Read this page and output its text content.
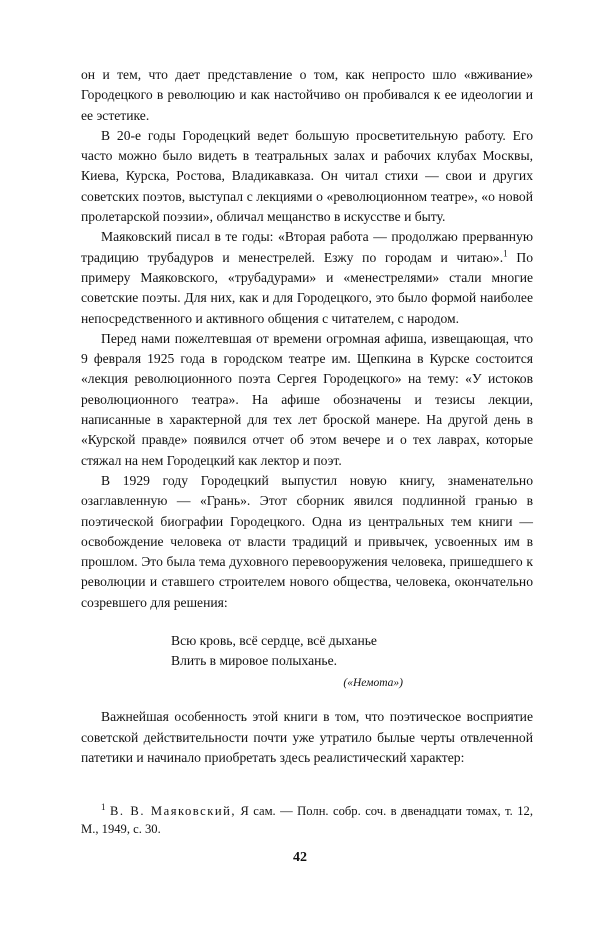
он и тем, что дает представление о том, как непросто шло «вживание» Городецкого в революцию и как настойчиво он пробивался к ее идеологии и ее эстетике.

В 20-е годы Городецкий ведет большую просветительную работу. Его часто можно было видеть в театральных залах и рабочих клубах Москвы, Киева, Курска, Ростова, Владикавказа. Он читал стихи — свои и других советских поэтов, выступал с лекциями о «революционном театре», «о новой пролетарской поэзии», обличал мещанство в искусстве и быту.

Маяковский писал в те годы: «Вторая работа — продолжаю прерванную традицию трубадуров и менестрелей. Езжу по городам и читаю».$^1$ По примеру Маяковского, «трубадурами» и «менестрелями» стали многие советские поэты. Для них, как и для Городецкого, это было формой наиболее непосредственного и активного общения с читателем, с народом.

Перед нами пожелтевшая от времени огромная афиша, извещающая, что 9 февраля 1925 года в городском театре им. Щепкина в Курске состоится «лекция революционного поэта Сергея Городецкого» на тему: «У истоков революционного театра». На афише обозначены и тезисы лекции, написанные в характерной для тех лет броской манере. На другой день в «Курской правде» появился отчет об этом вечере и о тех лаврах, которые стяжал на нем Городецкий как лектор и поэт.

В 1929 году Городецкий выпустил новую книгу, знаменательно озаглавленную — «Грань». Этот сборник явился подлинной гранью в поэтической биографии Городецкого. Одна из центральных тем книги — освобождение человека от власти традиций и привычек, усвоенных им в прошлом. Это была тема духовного перевооружения человека, пришедшего к революции и ставшего строителем нового общества, человека, окончательно созревшего для решения:

Всю кровь, всё сердце, всё дыханье
Влить в мировое полыханье.
(«Немота»)

Важнейшая особенность этой книги в том, что поэтическое восприятие советской действительности почти уже утратило былые черты отвлеченной патетики и начинало приобретать здесь реалистический характер:

$^1$ В. В. Маяковский, Я сам. — Полн. собр. соч. в двенадцати томах, т. 12, М., 1949, с. 30.

42
